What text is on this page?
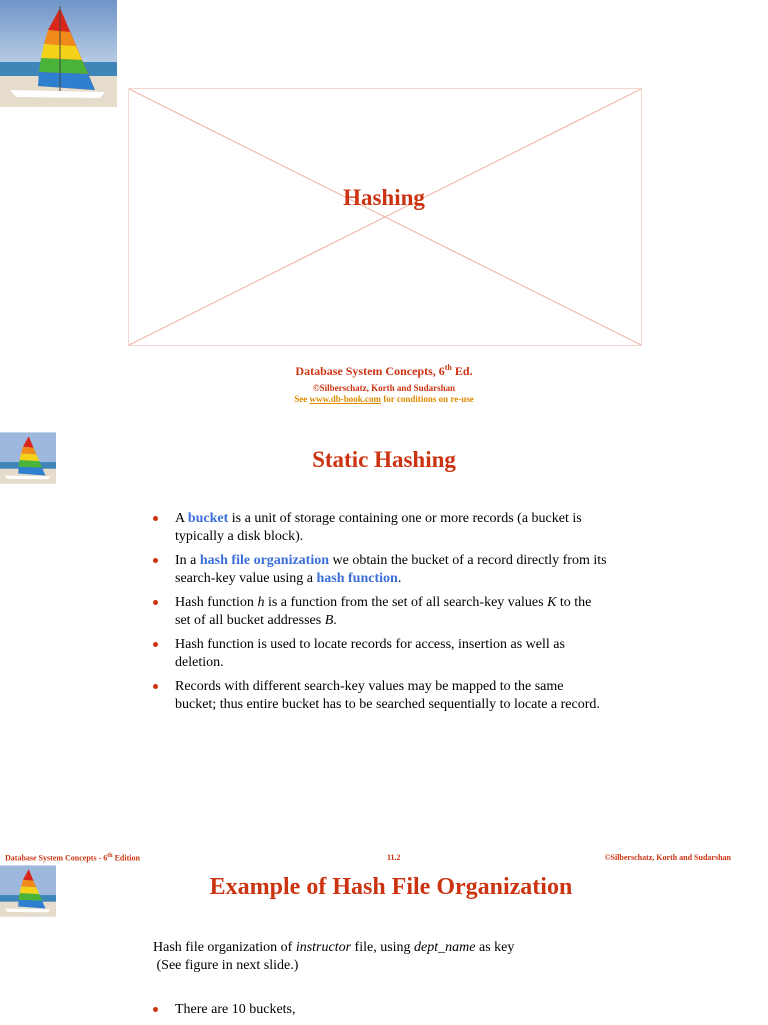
Hashing
Database System Concepts, 6th Ed.
©Silberschatz, Korth and Sudarshan
See www.db-book.com for conditions on re-use
Static Hashing
A bucket is a unit of storage containing one or more records (a bucket is typically a disk block).
In a hash file organization we obtain the bucket of a record directly from its search-key value using a hash function.
Hash function h is a function from the set of all search-key values K to the set of all bucket addresses B.
Hash function is used to locate records for access, insertion as well as deletion.
Records with different search-key values may be mapped to the same bucket; thus entire bucket has to be searched sequentially to locate a record.
Database System Concepts - 6th Edition	11.2	©Silberschatz, Korth and Sudarshan
Example of Hash File Organization
Hash file organization of instructor file, using dept_name as key
(See figure in next slide.)
There are 10 buckets,
